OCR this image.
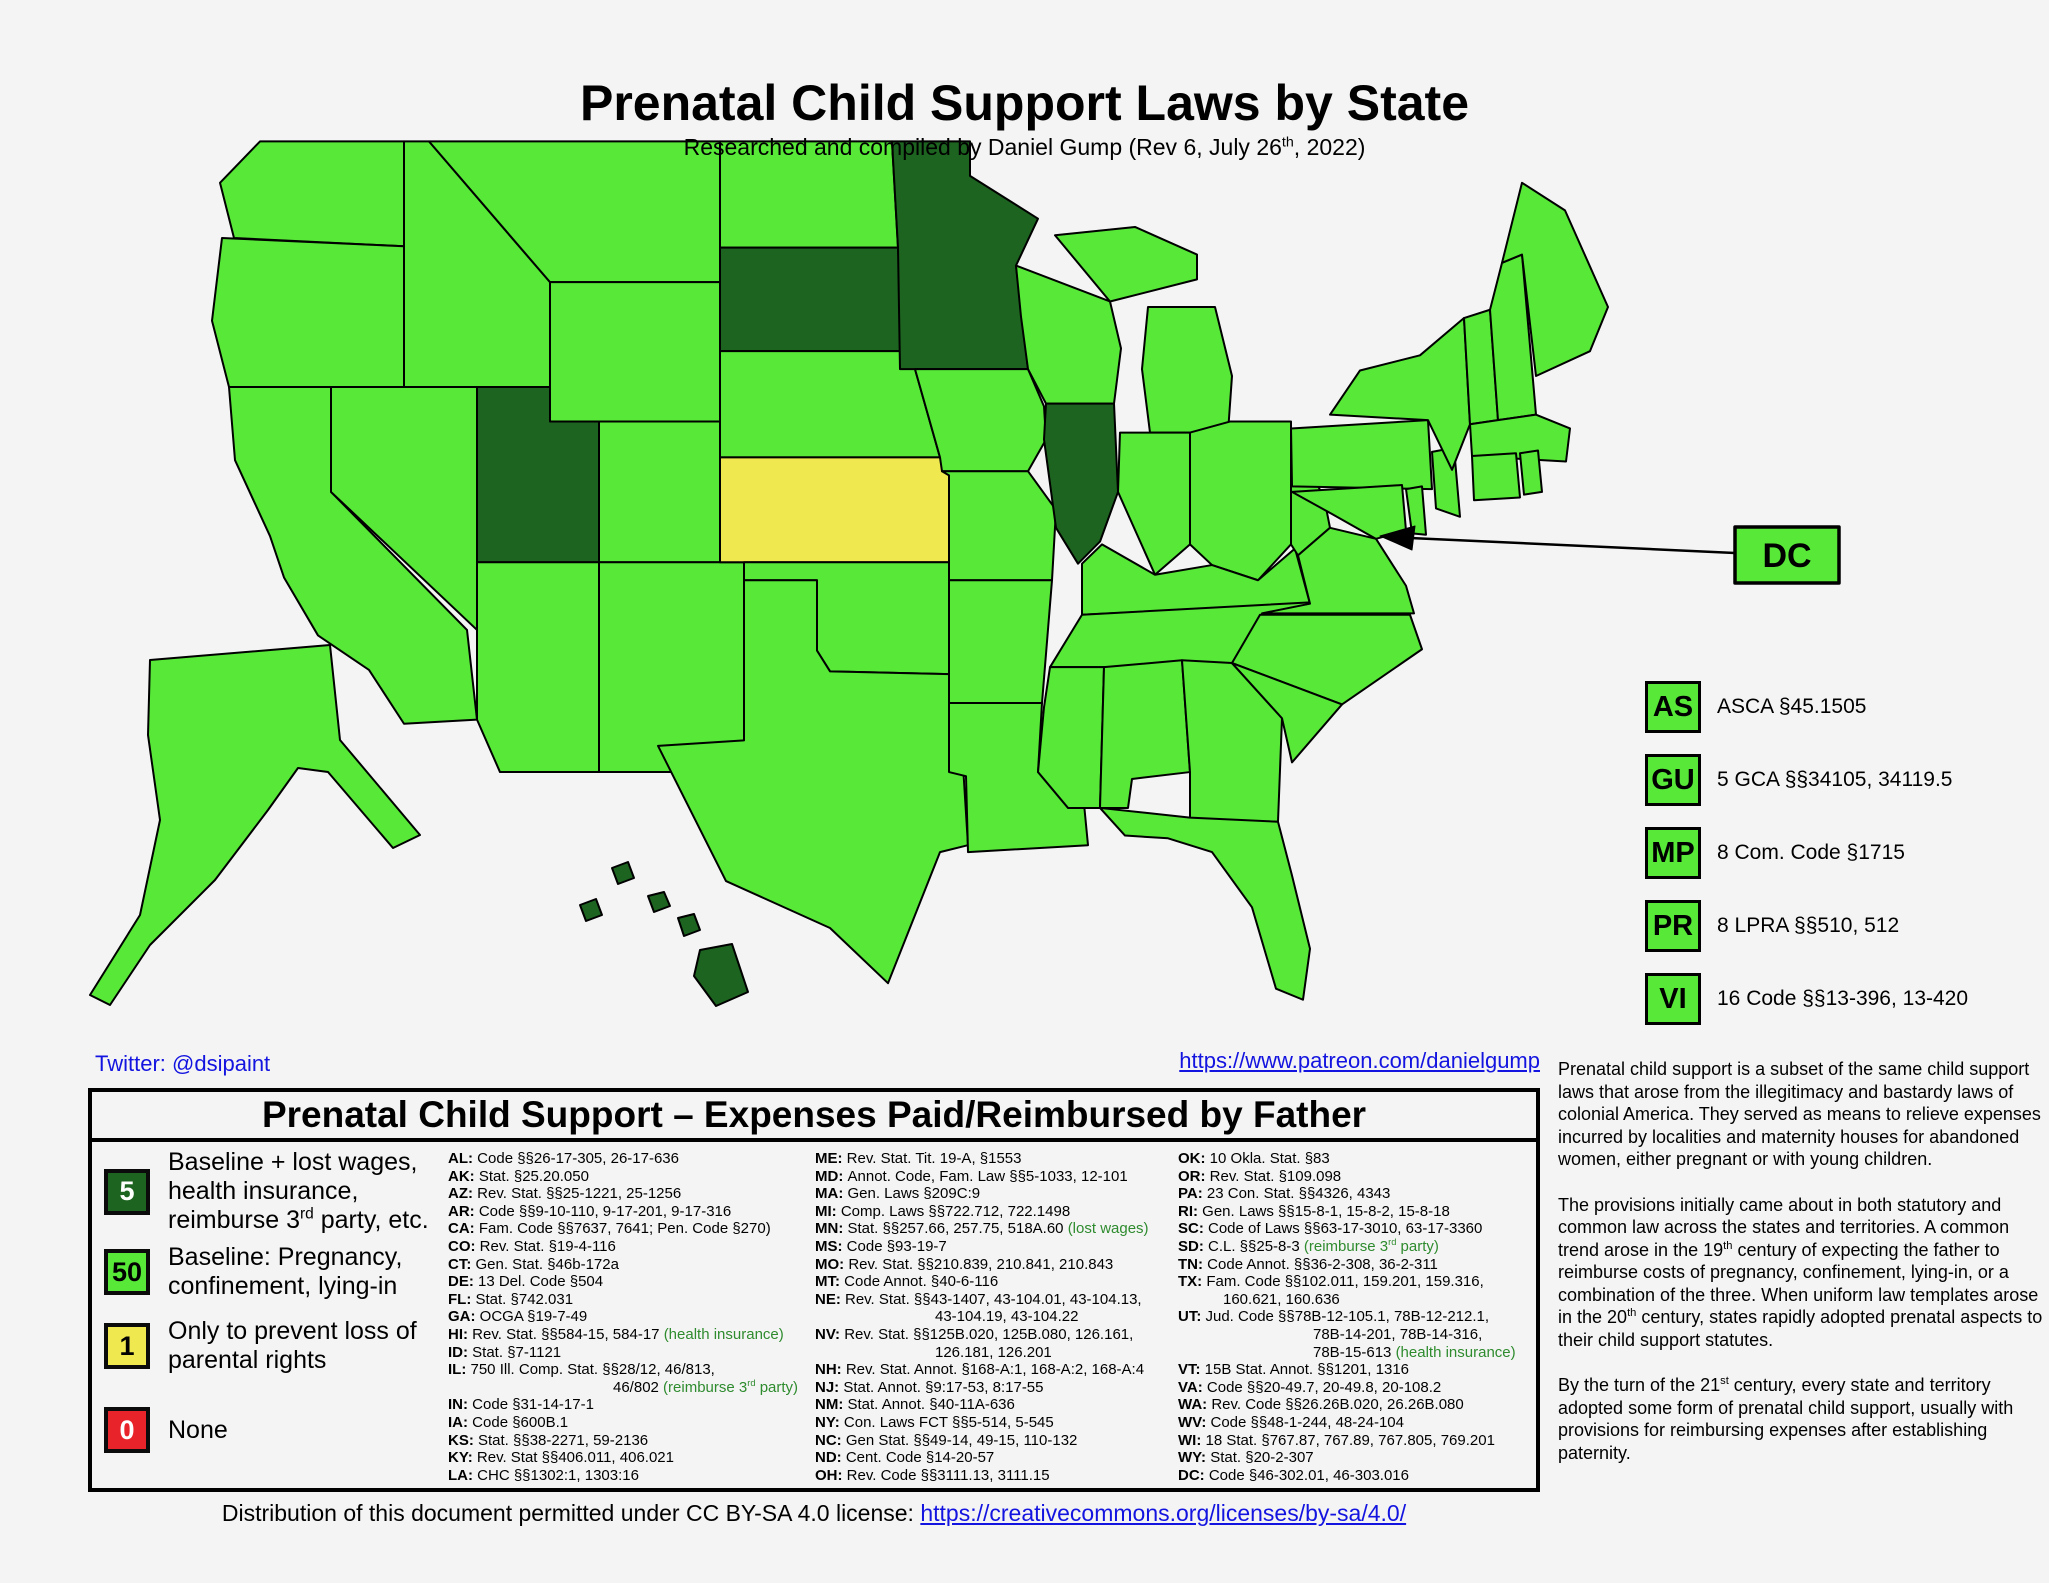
DC
Prenatal Child Support Laws by State
Researched and compiled by Daniel Gump (Rev 6, July 26th, 2022)
AS	ASCA §45.1505
GU 5 GCA §§34105, 34119.5
MP 8 Com. Code §1715
PR	8 LPRA §§510, 512
VI	16 Code §§13-396, 13-420
Twitter: @dsipaint	https://www.patreon.com/danielgump
Prenatal Child Support – Expenses Paid/Reimbursed by Father
5
Baseline + lost wages, health insurance, reimburse 3rd party, etc.
50	Baseline: Pregnancy, confinement, lying-in
1	Only to prevent loss of parental rights
0	None
AL: Code §§26-17-305, 26-17-636
AK: Stat. §25.20.050
AZ: Rev. Stat. §§25-1221, 25-1256
AR: Code §§9-10-110, 9-17-201, 9-17-316
CA: Fam. Code §§7637, 7641; Pen. Code §270)
CO: Rev. Stat. §19-4-116
CT: Gen. Stat. §46b-172a
DE: 13 Del. Code §504
FL: Stat. §742.031
GA: OCGA §19-7-49
HI: Rev. Stat. §§584-15, 584-17 (health insurance)
ID: Stat. §7-1121
IL: 750 Ill. Comp. Stat. §§28/12, 46/813,
46/802 (reimburse 3rd party)
IN: Code §31-14-17-1
IA: Code §600B.1
KS: Stat. §§38-2271, 59-2136
KY: Rev. Stat §§406.011, 406.021
LA: CHC §§1302:1, 1303:16
ME: Rev. Stat. Tit. 19-A, §1553
MD: Annot. Code, Fam. Law §§5-1033, 12-101
MA: Gen. Laws §209C:9
MI: Comp. Laws §§722.712, 722.1498
MN: Stat. §§257.66, 257.75, 518A.60 (lost wages)
MS: Code §93-19-7
MO: Rev. Stat. §§210.839, 210.841, 210.843
MT: Code Annot. §40-6-116
NE: Rev. Stat. §§43-1407, 43-104.01, 43-104.13,
43-104.19, 43-104.22
NV: Rev. Stat. §§125B.020, 125B.080, 126.161,
126.181, 126.201
NH: Rev. Stat. Annot. §168-A:1, 168-A:2, 168-A:4
NJ: Stat. Annot. §9:17-53, 8:17-55
NM: Stat. Annot. §40-11A-636
NY: Con. Laws FCT §§5-514, 5-545
NC: Gen Stat. §§49-14, 49-15, 110-132
ND: Cent. Code §14-20-57
OH: Rev. Code §§3111.13, 3111.15
OK: 10 Okla. Stat. §83
OR: Rev. Stat. §109.098
PA: 23 Con. Stat. §§4326, 4343
RI: Gen. Laws §§15-8-1, 15-8-2, 15-8-18
SC: Code of Laws §§63-17-3010, 63-17-3360
SD: C.L. §§25-8-3 (reimburse 3rd party)
TN: Code Annot. §§36-2-308, 36-2-311
TX: Fam. Code §§102.011, 159.201, 159.316,
160.621, 160.636
UT: Jud. Code §§78B-12-105.1, 78B-12-212.1,
78B-14-201, 78B-14-316,
78B-15-613 (health insurance)
VT: 15B Stat. Annot. §§1201, 1316
VA: Code §§20-49.7, 20-49.8, 20-108.2
WA: Rev. Code §§26.26B.020, 26.26B.080
WV: Code §§48-1-244, 48-24-104
WI: 18 Stat. §767.87, 767.89, 767.805, 769.201
WY: Stat. §20-2-307
DC: Code §46-302.01, 46-303.016
Distribution of this document permitted under CC BY-SA 4.0 license: https://creativecommons.org/licenses/by-sa/4.0/
Prenatal child support is a subset of the same child support laws that arose from the illegitimacy and bastardy laws of colonial America. They served as means to relieve expenses incurred by localities and maternity houses for abandoned women, either pregnant or with young children.
The provisions initially came about in both statutory and common law across the states and territories. A common trend arose in the 19th century of expecting the father to reimburse costs of pregnancy, confinement, lying-in, or a combination of the three. When uniform law templates arose in the 20th century, states rapidly adopted prenatal aspects to their child support statutes.
By the turn of the 21st century, every state and territory adopted some form of prenatal child support, usually with provisions for reimbursing expenses after establishing paternity.
